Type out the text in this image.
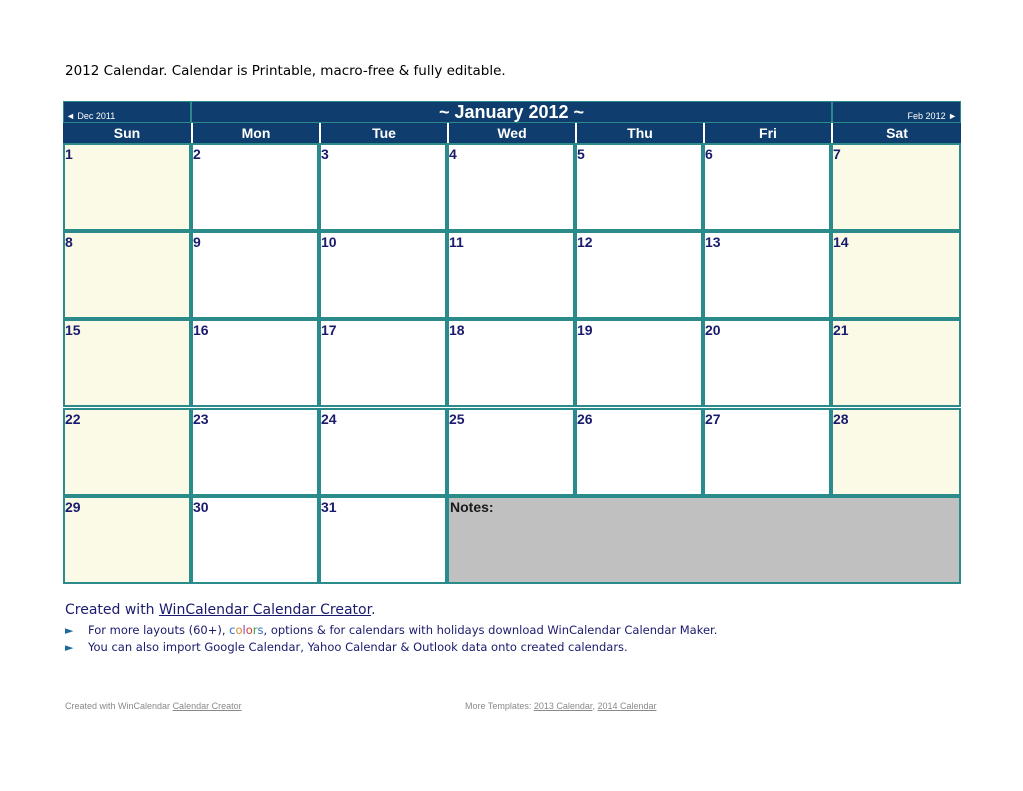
2012 Calendar. Calendar is Printable, macro-free & fully editable.
◄ Dec 2011	~ January 2012 ~	Feb 2012 ►
Sun	Mon	Tue	Wed	Thu	Fri	Sat
1	2	3	4	5	6	7
8	9	10	11	12	13	14
15	16	17	18	19	20	21
22	23	24	25	26	27	28
29	30	31	Notes:
Created with WinCalendar Calendar Creator.
► For more layouts (60+), colors, options & for calendars with holidays download WinCalendar Calendar Maker.
► You can also import Google Calendar, Yahoo Calendar & Outlook data onto created calendars.
Created with WinCalendar Calendar Creator	More Templates: 2013 Calendar, 2014 Calendar
